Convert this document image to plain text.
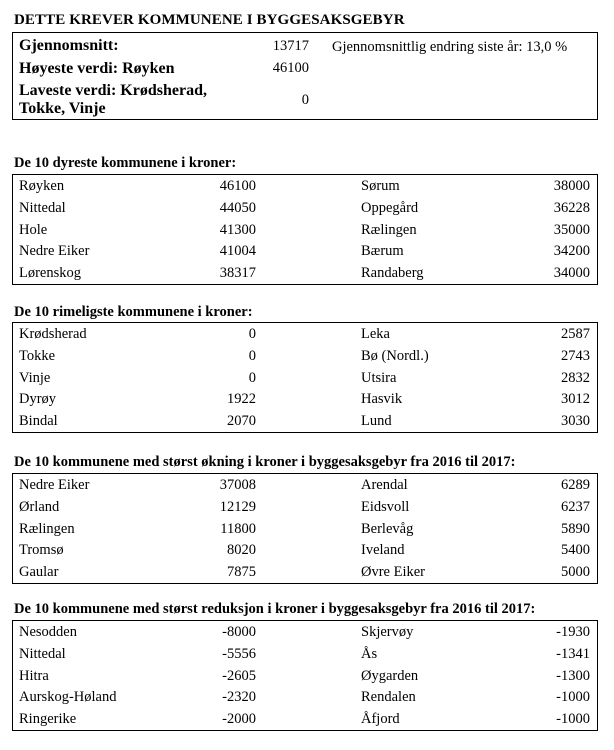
DETTE KREVER KOMMUNENE I BYGGESAKSGEBYR
Gjennomsnitt:	13717 Gjennomsnittlig endring siste år: 13,0 %
Høyeste verdi: Røyken	46100
Laveste verdi: Krødsherad,
Tokke, Vinje	0
De 10 dyreste kommunene i kroner:
Røyken	46100	Sørum	38000
Nittedal	44050	Oppegård	36228
Hole	41300	Rælingen	35000
Nedre Eiker	41004	Bærum	34200
Lørenskog	38317	Randaberg	34000
De 10 rimeligste kommunene i kroner:
Krødsherad	0	Leka	2587
Tokke	0	Bø (Nordl.)	2743
Vinje	0	Utsira	2832
Dyrøy	1922	Hasvik	3012
Bindal	2070	Lund	3030
De 10 kommunene med størst økning i kroner i byggesaksgebyr fra 2016 til 2017:
Nedre Eiker	37008	Arendal	6289
Ørland	12129	Eidsvoll	6237
Rælingen	11800	Berlevåg	5890
Tromsø	8020	Iveland	5400
Gaular	7875	Øvre Eiker	5000
De 10 kommunene med størst reduksjon i kroner i byggesaksgebyr fra 2016 til 2017:
Nesodden	-8000	Skjervøy	-1930
Nittedal	-5556	Ås	-1341
Hitra	-2605	Øygarden	-1300
Aurskog-Høland	-2320	Rendalen	-1000
Ringerike	-2000	Åfjord	-1000
